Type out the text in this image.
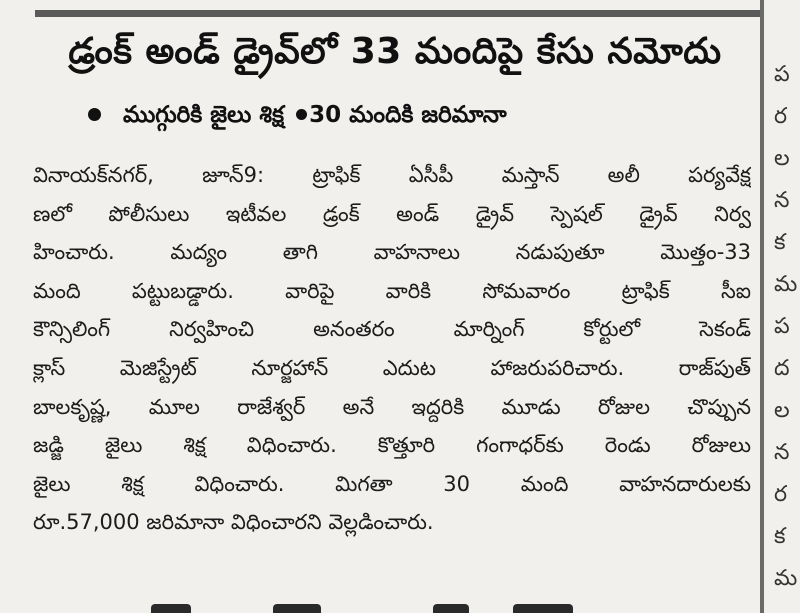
ప
ర
ల
న
క
మ
ప
ద
ల
న
ర
క
మ
డ్రంక్ అండ్ డ్రైవ్‌లో 33 మందిపై కేసు నమోదు
ముగ్గురికి జైలు శిక్ష 30 మందికి జరిమానా
వినాయక్‌నగర్, జూన్9: ట్రాఫిక్ ఏసీపీ మస్తాన్ అలీ పర్యవేక్ష
ణలో పోలీసులు ఇటీవల డ్రంక్ అండ్ డ్రైవ్ స్పెషల్ డ్రైవ్ నిర్వ
హించారు. మద్యం తాగి వాహనాలు నడుపుతూ మొత్తం-33
మంది పట్టుబడ్డారు. వారిపై వారికి సోమవారం ట్రాఫిక్ సీఐ
కౌన్సిలింగ్ నిర్వహించి అనంతరం మార్నింగ్ కోర్టులో సెకండ్
క్లాస్ మెజిస్ట్రేట్ నూర్జహాన్ ఎదుట హాజరుపరిచారు. రాజ్‌పుత్
బాలకృష్ణ, మూల రాజేశ్వర్ అనే ఇద్దరికి మూడు రోజుల చొప్పున
జడ్జి జైలు శిక్ష విధించారు. కొత్తూరి గంగాధర్‌కు రెండు రోజులు
జైలు శిక్ష విధించారు. మిగతా 30 మంది వాహనదారులకు
రూ.57,000 జరిమానా విధించారని వెల్లడించారు.
